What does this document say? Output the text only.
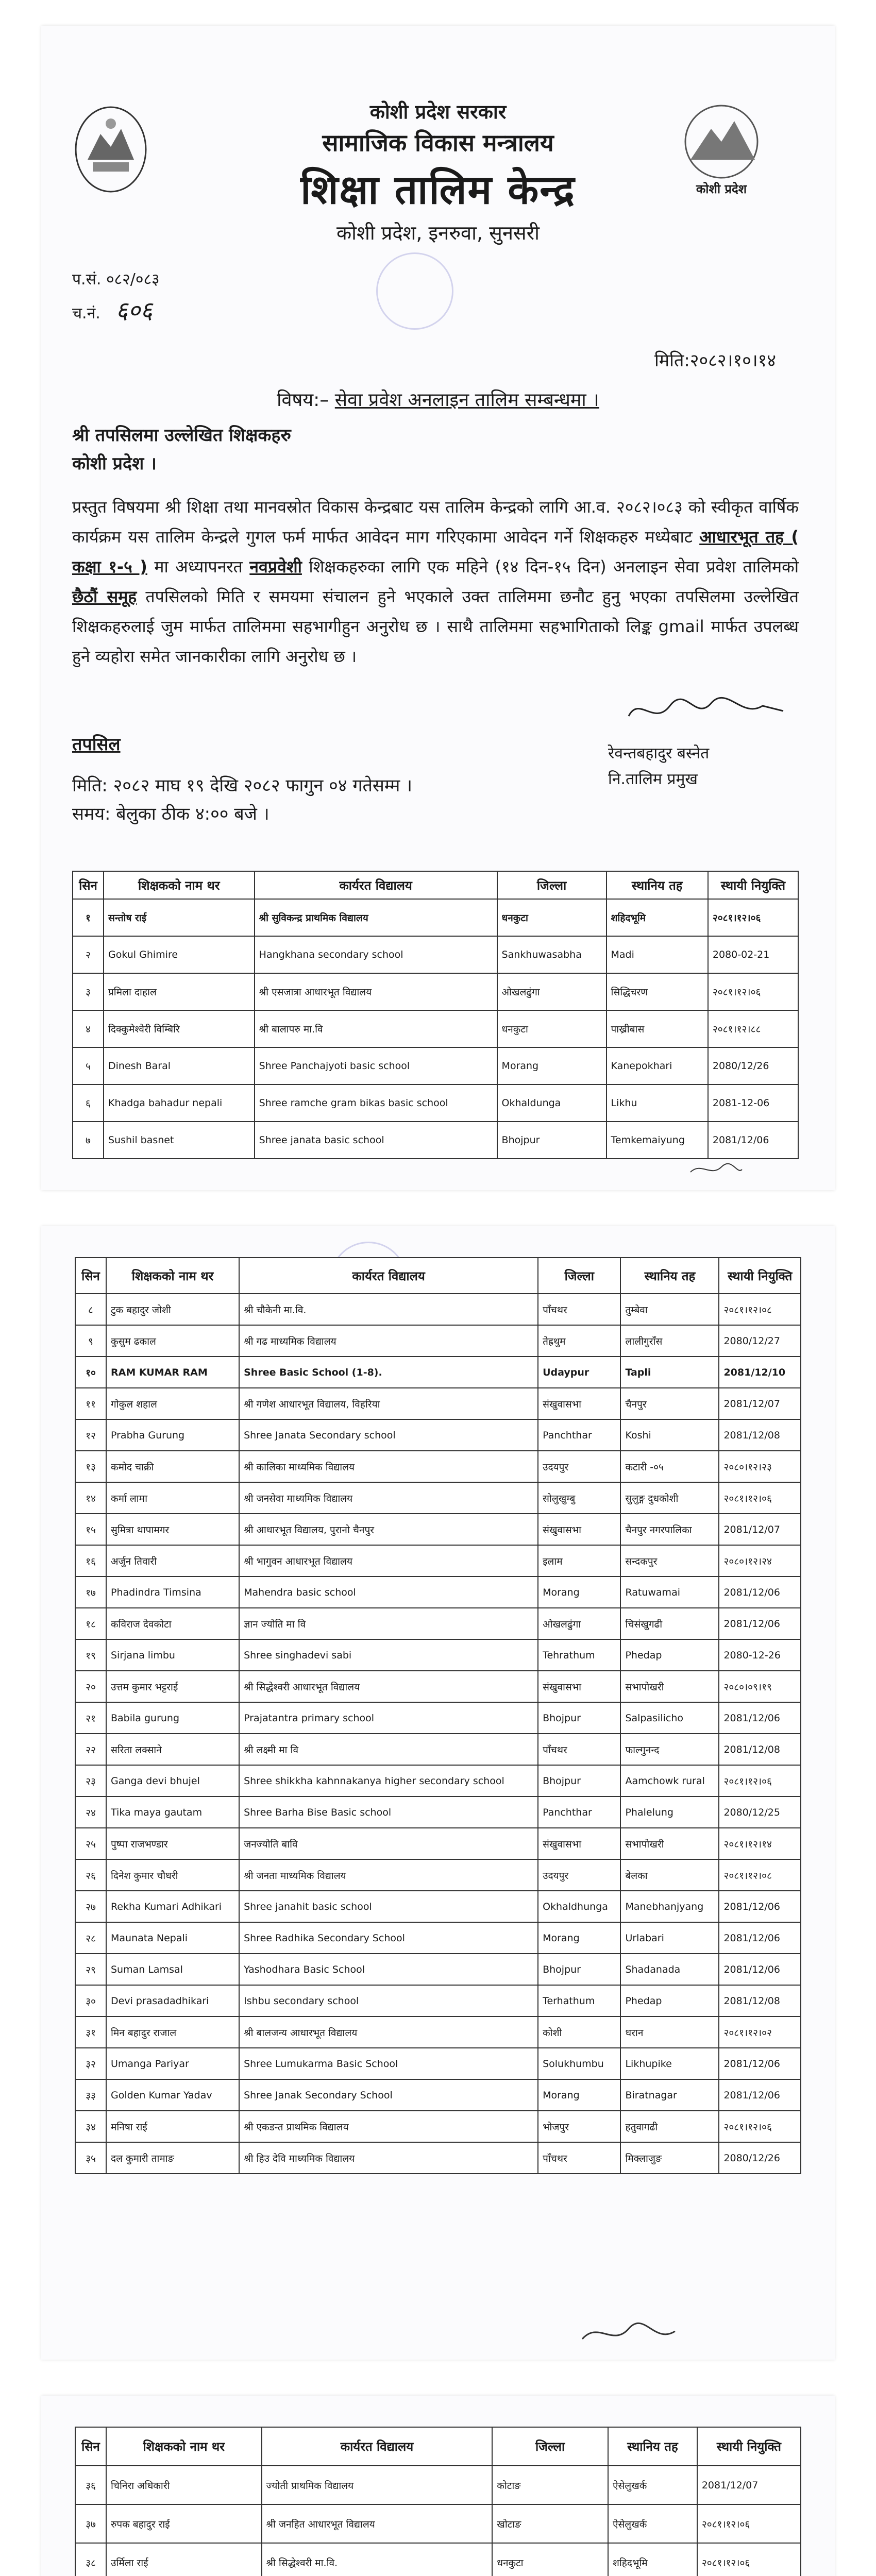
कोशी प्रदेश
कोशी प्रदेश सरकार
सामाजिक विकास मन्त्रालय
शिक्षा तालिम केन्द्र
कोशी प्रदेश, इनरुवा, सुनसरी
प.सं. ०८२/०८३
च.नं. ६०६
मिति:२०८२।१०।१४
विषय:– सेवा प्रवेश अनलाइन तालिम सम्बन्धमा ।
श्री तपसिलमा उल्लेखित शिक्षकहरु
कोशी प्रदेश ।
प्रस्तुत विषयमा श्री शिक्षा तथा मानवस्रोत विकास केन्द्रबाट यस तालिम केन्द्रको लागि आ.व. २०८२।०८३ को स्वीकृत वार्षिक कार्यक्रम यस तालिम केन्द्रले गुगल फर्म मार्फत आवेदन माग गरिएकामा आवेदन गर्ने शिक्षकहरु मध्येबाट आधारभूत तह ( कक्षा १-५ ) मा अध्यापनरत नवप्रवेशी शिक्षकहरुका लागि एक महिने (१४ दिन-१५ दिन) अनलाइन सेवा प्रवेश तालिमको छैठौं समूह तपसिलको मिति र समयमा संचालन हुने भएकाले उक्त तालिममा छनौट हुनु भएका तपसिलमा उल्लेखित शिक्षकहरुलाई जुम मार्फत तालिममा सहभागीहुन अनुरोध छ । साथै तालिममा सहभागिताको लिङ्क gmail मार्फत उपलब्ध हुने व्यहोरा समेत जानकारीका लागि अनुरोध छ ।
रेवन्तबहादुर बस्नेत
नि.तालिम प्रमुख
तपसिल
मिति: २०८२ माघ १९ देखि २०८२ फागुन ०४ गतेसम्म ।
समय: बेलुका ठीक ४:०० बजे ।
सिन	शिक्षकको नाम थर	कार्यरत विद्यालय	जिल्ला	स्थानिय तह	स्थायी नियुक्ति
१	सन्तोष राई	श्री सुविकन्द्र प्राथमिक विद्यालय	धनकुटा	शहिदभूमि	२०८१।१२।०६
२	Gokul Ghimire	Hangkhana secondary school	Sankhuwasabha	Madi	2080-02-21
३	प्रमिला दाहाल	श्री एसजात्रा आधारभूत विद्यालय	ओखलढुंगा	सिद्धिचरण	२०८१।१२।०६
४	दिक्कुमेश्वेरी विम्बिरि	श्री बालापरु मा.वि	धनकुटा	पाख्रीबास	२०८१।१२।८८
५	Dinesh Baral	Shree Panchajyoti basic school	Morang	Kanepokhari	2080/12/26
६	Khadga bahadur nepali	Shree ramche gram bikas basic school	Okhaldunga	Likhu	2081-12-06
७	Sushil basnet	Shree janata basic school	Bhojpur	Temkemaiyung	2081/12/06
सिन	शिक्षकको नाम थर	कार्यरत विद्यालय	जिल्ला	स्थानिय तह	स्थायी नियुक्ति
८	टुक बहादुर जोशी	श्री चौकेनी मा.वि.	पाँचथर	तुम्बेवा	२०८१।१२।०८
९	कुसुम ढकाल	श्री गढ माध्यमिक विद्यालय	तेह्रथुम	लालीगुराँस	2080/12/27
१०	RAM KUMAR RAM	Shree Basic School (1-8).	Udaypur	Tapli	2081/12/10
११	गोकुल शहाल	श्री गणेश आधारभूत विद्यालय, विहरिया	संखुवासभा	चैनपुर	2081/12/07
१२	Prabha Gurung	Shree Janata Secondary school	Panchthar	Koshi	2081/12/08
१३	कमोद चाक्री	श्री कालिका माध्यमिक विद्यालय	उदयपुर	कटारी -०५	२०८०।१२।२३
१४	कर्मा लामा	श्री जनसेवा माध्यमिक विद्यालय	सोलुखुम्बु	सुलुङ्ग दुधकोशी	२०८१।१२।०६
१५	सुमित्रा थापामगर	श्री आधारभूत विद्यालय, पुरानो चैनपुर	संखुवासभा	चैनपुर नगरपालिका	2081/12/07
१६	अर्जुन तिवारी	श्री भागुवन आधारभूत विद्यालय	इलाम	सन्दकपुर	२०८०।१२।२४
१७	Phadindra Timsina	Mahendra basic school	Morang	Ratuwamai	2081/12/06
१८	कविराज देवकोटा	ज्ञान ज्योति मा वि	ओखलढुंगा	चिसंखुगढी	2081/12/06
१९	Sirjana limbu	Shree singhadevi sabi	Tehrathum	Phedap	2080-12-26
२०	उत्तम कुमार भट्टराई	श्री सिद्धेश्वरी आधारभूत विद्यालय	संखुवासभा	सभापोखरी	२०८०।०९।१९
२१	Babila gurung	Prajatantra primary school	Bhojpur	Salpasilicho	2081/12/06
२२	सरिता लक्साने	श्री लक्ष्मी मा वि	पाँचथर	फाल्गुनन्द	2081/12/08
२३	Ganga devi bhujel	Shree shikkha kahnnakanya higher secondary school	Bhojpur	Aamchowk rural	२०८१।१२।०६
२४	Tika maya gautam	Shree Barha Bise Basic school	Panchthar	Phalelung	2080/12/25
२५	पुष्पा राजभण्डार	जनज्योति बावि	संखुवासभा	सभापोखरी	२०८१।१२।१४
२६	दिनेश कुमार चौधरी	श्री जनता माध्यमिक विद्यालय	उदयपुर	बेलका	२०८१।१२।०८
२७	Rekha Kumari Adhikari	Shree janahit basic school	Okhaldhunga	Manebhanjyang	2081/12/06
२८	Maunata Nepali	Shree Radhika Secondary School	Morang	Urlabari	2081/12/06
२९	Suman Lamsal	Yashodhara Basic School	Bhojpur	Shadanada	2081/12/06
३०	Devi prasadadhikari	Ishbu secondary school	Terhathum	Phedap	2081/12/08
३१	मिन बहादुर राजाल	श्री बालजन्य आधारभूत विद्यालय	कोशी	धरान	२०८१।१२।०२
३२	Umanga Pariyar	Shree Lumukarma Basic School	Solukhumbu	Likhupike	2081/12/06
३३	Golden Kumar Yadav	Shree Janak Secondary School	Morang	Biratnagar	2081/12/06
३४	मनिषा राई	श्री एकडन्त प्राथमिक विद्यालय	भोजपुर	हतुवागढी	२०८१।१२।०६
३५	दल कुमारी तामाङ	श्री हिउ देवि माध्यमिक विद्यालय	पाँचथर	मिक्लाजुङ	2080/12/26
सिन	शिक्षकको नाम थर	कार्यरत विद्यालय	जिल्ला	स्थानिय तह	स्थायी नियुक्ति
३६	चिनिरा अधिकारी	ज्योती प्राथमिक विद्यालय	कोटाङ	ऐसेलुखर्क	2081/12/07
३७	रुपक बहादुर राई	श्री जनहित आधारभूत विद्यालय	खोटाङ	ऐसेलुखर्क	२०८१।१२।०६
३८	उर्मिला राई	श्री सिद्धेश्वरी मा.वि.	धनकुटा	शहिदभूमि	२०८१।१२।०६
